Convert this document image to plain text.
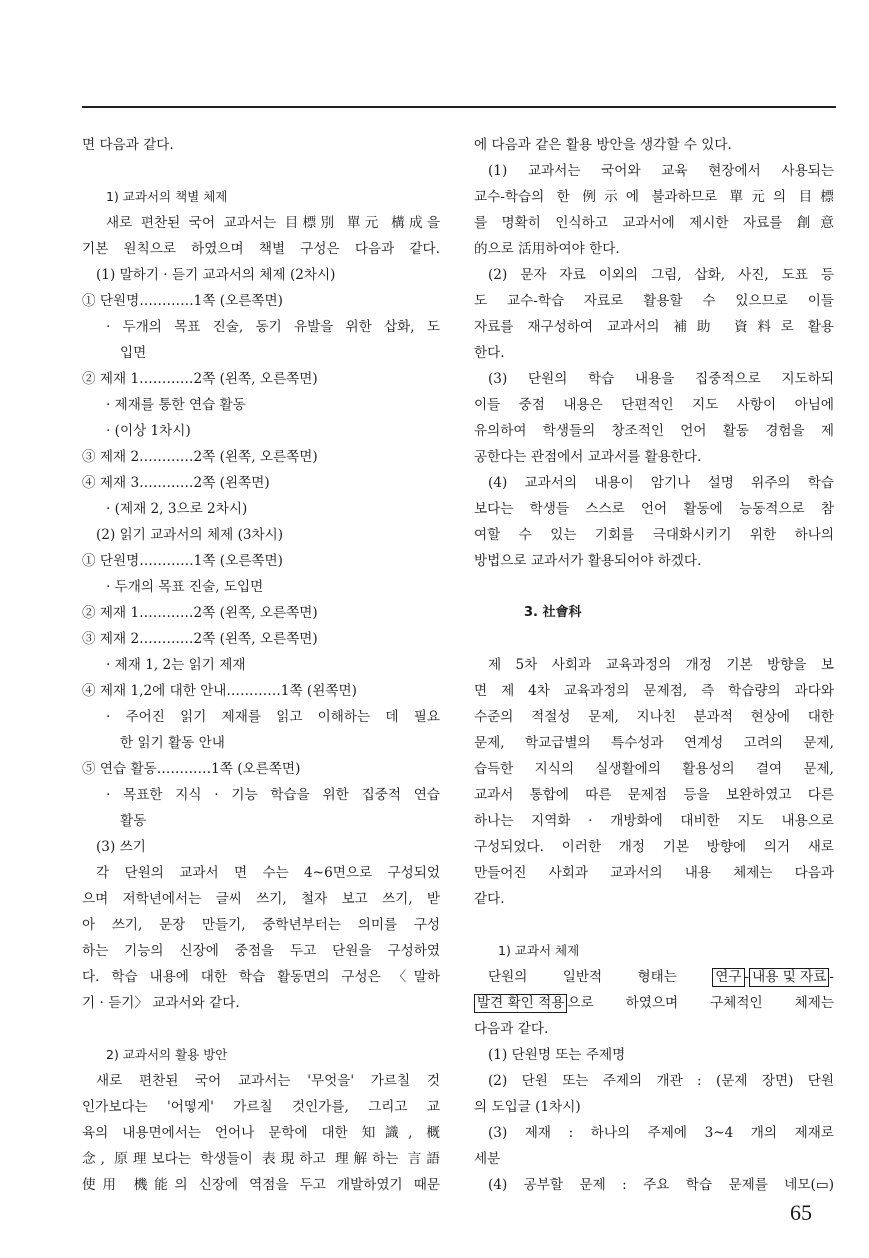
면 다음과 같다.
1) 교과서의 책별 체제
새로 편찬된 국어 교과서는 目標別 單元 構成을
기본 원칙으로 하였으며 책별 구성은 다음과 같다.
(1) 말하기 · 듣기 교과서의 체제 (2차시)
① 단원명…………1쪽 (오른쪽면)
· 두개의 목표 진술, 동기 유발을 위한 삽화, 도
입면
② 제재 1…………2쪽 (왼쪽, 오른쪽면)
· 제재를 통한 연습 활동
· (이상 1차시)
③ 제재 2…………2쪽 (왼쪽, 오른쪽면)
④ 제재 3…………2쪽 (왼쪽면)
· (제재 2, 3으로 2차시)
(2) 읽기 교과서의 체제 (3차시)
① 단원명…………1쪽 (오른쪽면)
· 두개의 목표 진술, 도입면
② 제재 1…………2쪽 (왼쪽, 오른쪽면)
③ 제재 2…………2쪽 (왼쪽, 오른쪽면)
· 제재 1, 2는 읽기 제재
④ 제재 1,2에 대한 안내…………1쪽 (왼쪽면)
· 주어진 읽기 제재를 읽고 이해하는 데 필요
한 읽기 활동 안내
⑤ 연습 활동…………1쪽 (오른쪽면)
· 목표한 지식 · 기능 학습을 위한 집중적 연습
활동
(3) 쓰기
각 단원의 교과서 면 수는 4~6면으로 구성되었
으며 저학년에서는 글씨 쓰기, 철자 보고 쓰기, 받
아 쓰기, 문장 만들기, 중학년부터는 의미를 구성
하는 기능의 신장에 중점을 두고 단원을 구성하였
다. 학습 내용에 대한 학습 활동면의 구성은 〈말하
기 · 듣기〉 교과서와 같다.
2) 교과서의 활용 방안
새로 편찬된 국어 교과서는 '무엇을' 가르칠 것
인가보다는 '어떻게' 가르칠 것인가를, 그리고 교
육의 내용면에서는 언어나 문학에 대한 知識, 概
念, 原理보다는 학생들이 表現하고 理解하는 言語
使用 機能의 신장에 역점을 두고 개발하였기 때문
에 다음과 같은 활용 방안을 생각할 수 있다.
(1) 교과서는 국어와 교육 현장에서 사용되는
교수-학습의 한 例示에 불과하므로 單元의 目標
를 명확히 인식하고 교과서에 제시한 자료를 創意
的으로 活用하여야 한다.
(2) 문자 자료 이외의 그림, 삽화, 사진, 도표 등
도 교수-학습 자료로 활용할 수 있으므로 이들
자료를 재구성하여 교과서의 補助 資料로 활용
한다.
(3) 단원의 학습 내용을 집중적으로 지도하되
이들 중점 내용은 단편적인 지도 사항이 아님에
유의하여 학생들의 창조적인 언어 활동 경험을 제
공한다는 관점에서 교과서를 활용한다.
(4) 교과서의 내용이 암기나 설명 위주의 학습
보다는 학생들 스스로 언어 활동에 능동적으로 참
여할 수 있는 기회를 극대화시키기 위한 하나의
방법으로 교과서가 활용되어야 하겠다.
3. 社會科
제 5차 사회과 교육과정의 개정 기본 방향을 보
면 제 4차 교육과정의 문제점, 즉 학습량의 과다와
수준의 적절성 문제, 지나친 분과적 현상에 대한
문제, 학교급별의 특수성과 연계성 고려의 문제,
습득한 지식의 실생활에의 활용성의 결여 문제,
교과서 통합에 따른 문제점 등을 보완하였고 다른
하나는 지역화 · 개방화에 대비한 지도 내용으로
구성되었다. 이러한 개정 기본 방향에 의거 새로
만들어진 사회과 교과서의 내용 체제는 다음과
같다.
1) 교과서 체제
단원의 일반적 형태는	연구 - 내용 및 자료 -
발견 확인 적용 으로 하였으며 구체적인 체제는
다음과 같다.
(1) 단원명 또는 주제명
(2) 단원 또는 주제의 개관 : (문제 장면) 단원
의 도입글 (1차시)
(3) 제재 : 하나의 주제에 3~4 개의 제재로
세분
(4) 공부할 문제 : 주요 학습 문제를 네모(▭)
65
